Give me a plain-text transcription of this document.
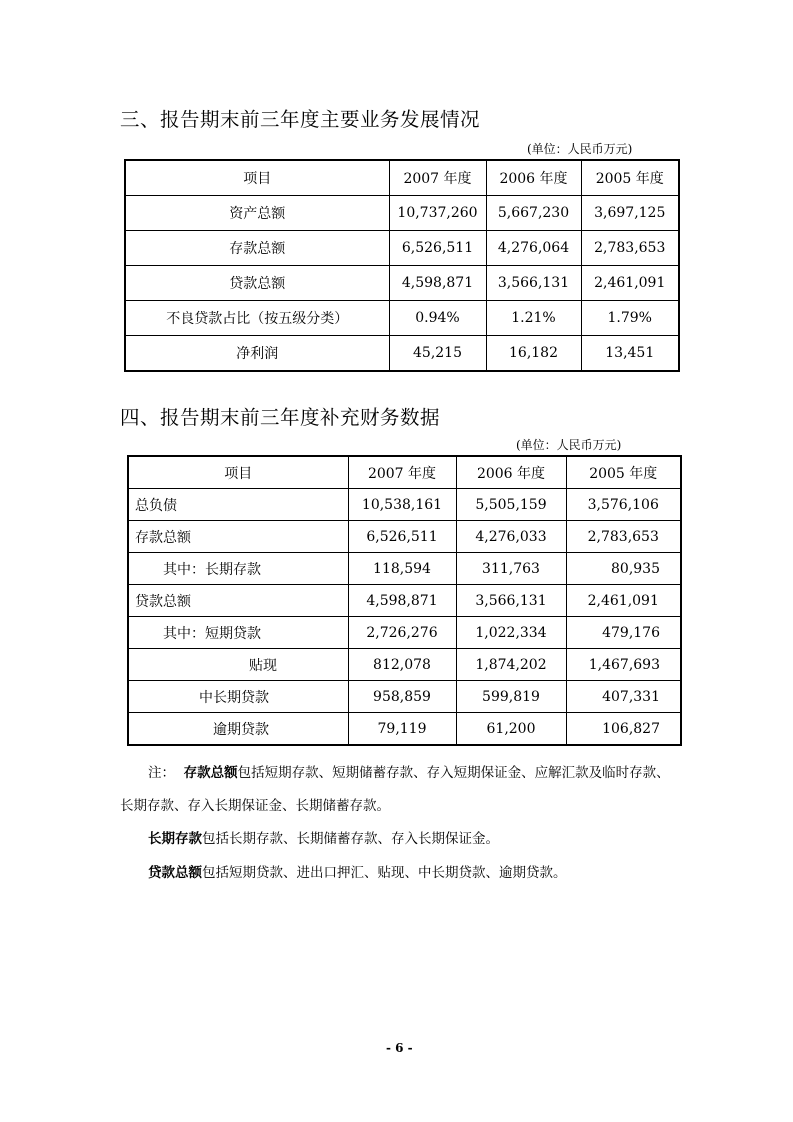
三、报告期末前三年度主要业务发展情况
(单位：人民币万元)
项目	2007 年度	2006 年度	2005 年度
资产总额	10,737,260	5,667,230	3,697,125
存款总额	6,526,511	4,276,064	2,783,653
贷款总额	4,598,871	3,566,131	2,461,091
不良贷款占比（按五级分类）	0.94%	1.21%	1.79%
净利润	45,215	16,182	13,451
四、报告期末前三年度补充财务数据
(单位：人民币万元)
项目	2007 年度	2006 年度	2005 年度
总负债	10,538,161	5,505,159	3,576,106
存款总额	6,526,511	4,276,033	2,783,653
其中：长期存款	118,594	311,763	80,935
贷款总额	4,598,871	3,566,131	2,461,091
其中：短期贷款	2,726,276	1,022,334	479,176
贴现	812,078	1,874,202	1,467,693
中长期贷款	958,859	599,819	407,331
逾期贷款	79,119	61,200	106,827
注： 存款总额包括短期存款、短期储蓄存款、存入短期保证金、应解汇款及临时存款、
长期存款、存入长期保证金、长期储蓄存款。
长期存款包括长期存款、长期储蓄存款、存入长期保证金。
贷款总额包括短期贷款、进出口押汇、贴现、中长期贷款、逾期贷款。
- 6 -
